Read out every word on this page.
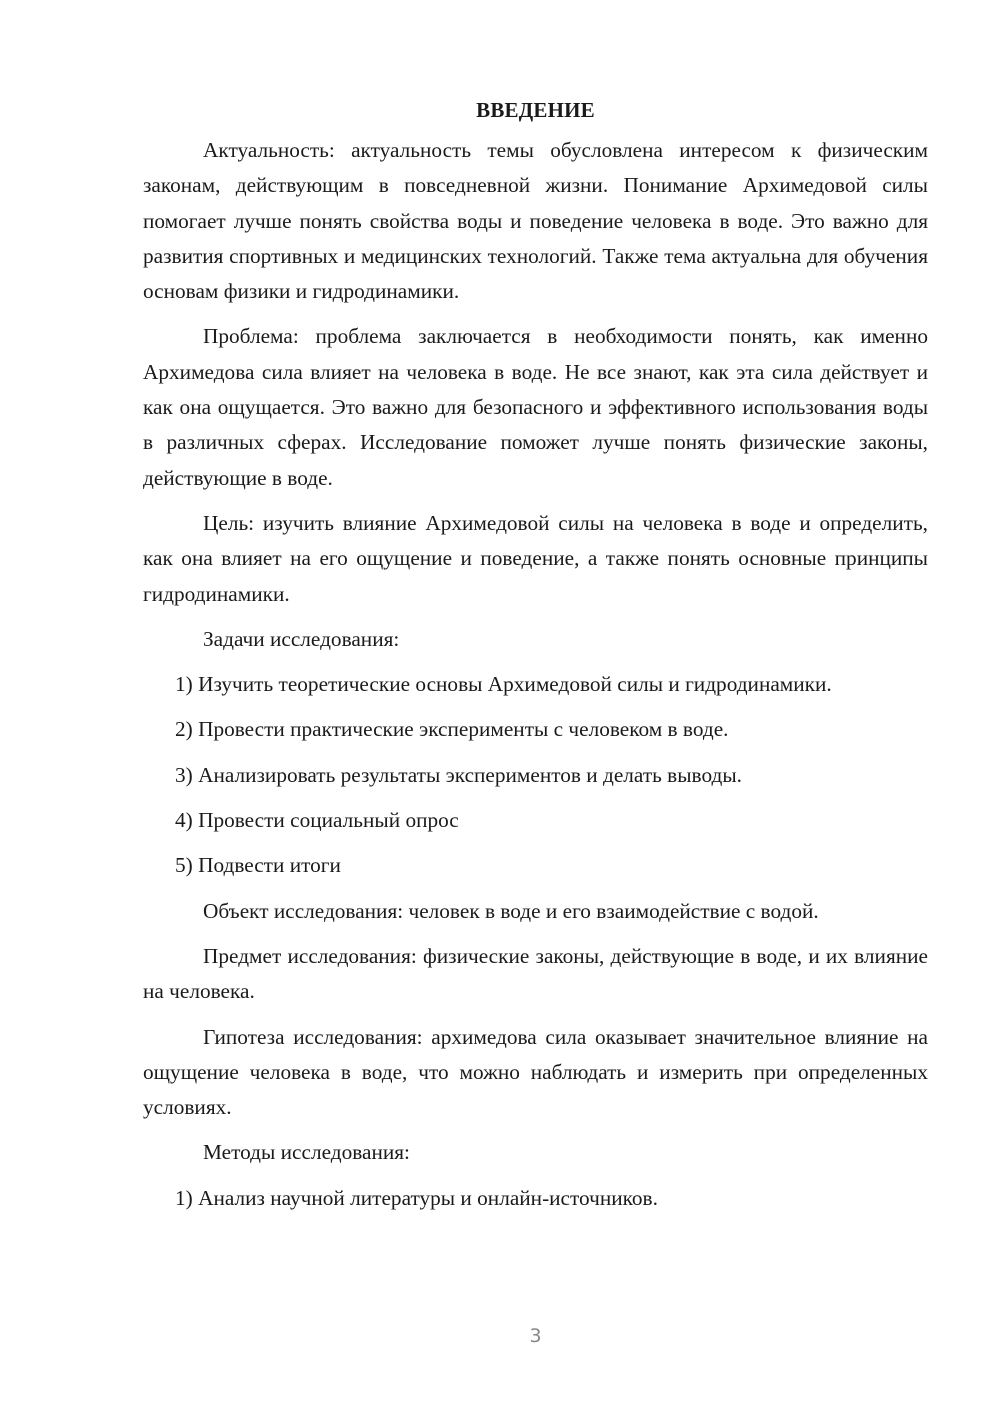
ВВЕДЕНИЕ

Актуальность: актуальность темы обусловлена интересом к физическим законам, действующим в повседневной жизни. Понимание Архимедовой силы помогает лучше понять свойства воды и поведение человека в воде. Это важно для развития спортивных и медицинских технологий. Также тема актуальна для обучения основам физики и гидродинамики.

Проблема: проблема заключается в необходимости понять, как именно Архимедова сила влияет на человека в воде. Не все знают, как эта сила действует и как она ощущается. Это важно для безопасного и эффективного использования воды в различных сферах. Исследование поможет лучше понять физические законы, действующие в воде.

Цель: изучить влияние Архимедовой силы на человека в воде и определить, как она влияет на его ощущение и поведение, а также понять основные принципы гидродинамики.

Задачи исследования:

1) Изучить теоретические основы Архимедовой силы и гидродинамики.

2) Провести практические эксперименты с человеком в воде.

3) Анализировать результаты экспериментов и делать выводы.

4) Провести социальный опрос

5) Подвести итоги

Объект исследования: человек в воде и его взаимодействие с водой.

Предмет исследования: физические законы, действующие в воде, и их влияние на человека.

Гипотеза исследования: архимедова сила оказывает значительное влияние на ощущение человека в воде, что можно наблюдать и измерить при определенных условиях.

Методы исследования:

1) Анализ научной литературы и онлайн-источников.

3
